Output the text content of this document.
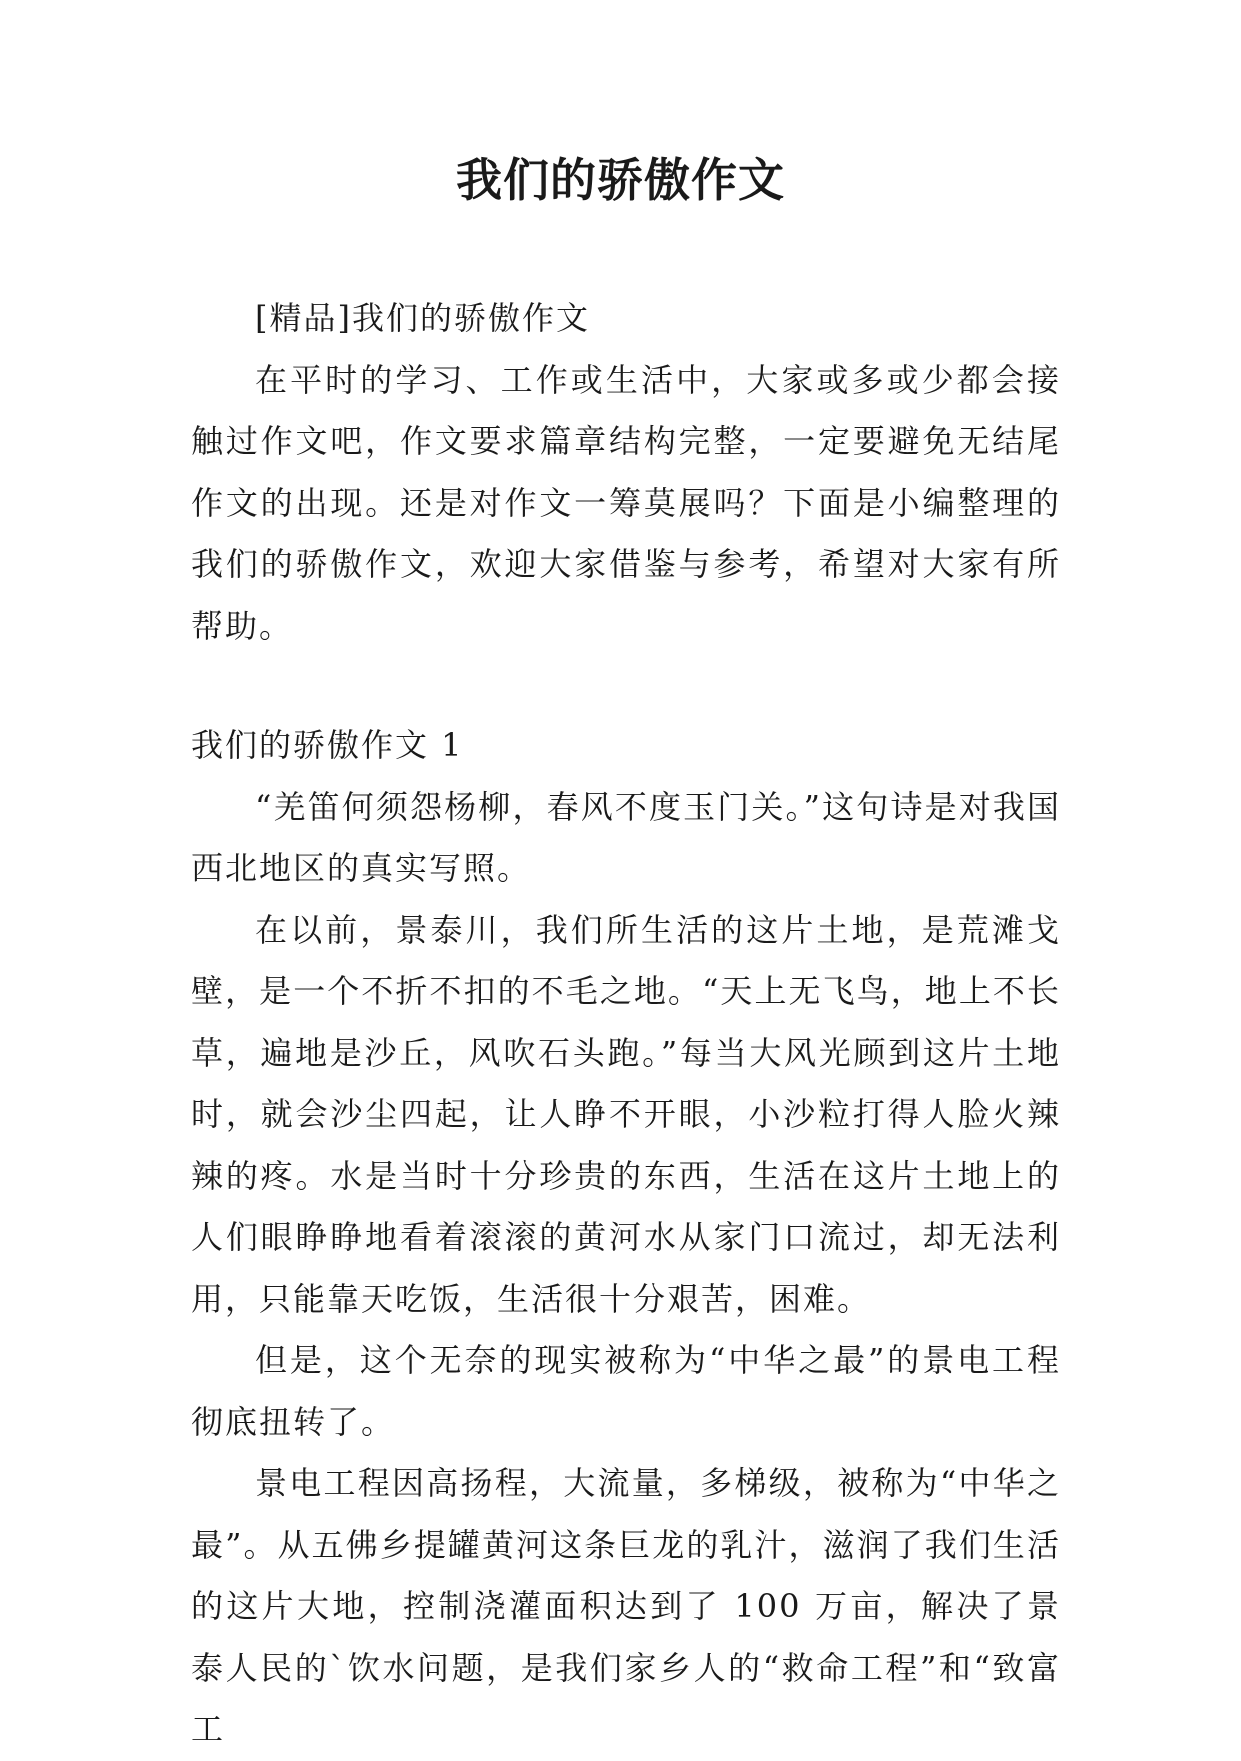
我们的骄傲作文

[精品]我们的骄傲作文

在平时的学习、工作或生活中，大家或多或少都会接触过作文吧，作文要求篇章结构完整，一定要避免无结尾作文的出现。还是对作文一筹莫展吗？下面是小编整理的我们的骄傲作文，欢迎大家借鉴与参考，希望对大家有所帮助。

我们的骄傲作文 1

“羌笛何须怨杨柳，春风不度玉门关。”这句诗是对我国西北地区的真实写照。

在以前，景泰川，我们所生活的这片土地，是荒滩戈壁，是一个不折不扣的不毛之地。“天上无飞鸟，地上不长草，遍地是沙丘，风吹石头跑。”每当大风光顾到这片土地时，就会沙尘四起，让人睁不开眼，小沙粒打得人脸火辣辣的疼。水是当时十分珍贵的东西，生活在这片土地上的人们眼睁睁地看着滚滚的黄河水从家门口流过，却无法利用，只能靠天吃饭，生活很十分艰苦，困难。

但是，这个无奈的现实被称为“中华之最”的景电工程彻底扭转了。

景电工程因高扬程，大流量，多梯级，被称为“中华之最”。从五佛乡提罐黄河这条巨龙的乳汁，滋润了我们生活的这片大地，控制浇灌面积达到了 100 万亩，解决了景泰人民的`饮水问题，是我们家乡人的“救命工程”和“致富工
